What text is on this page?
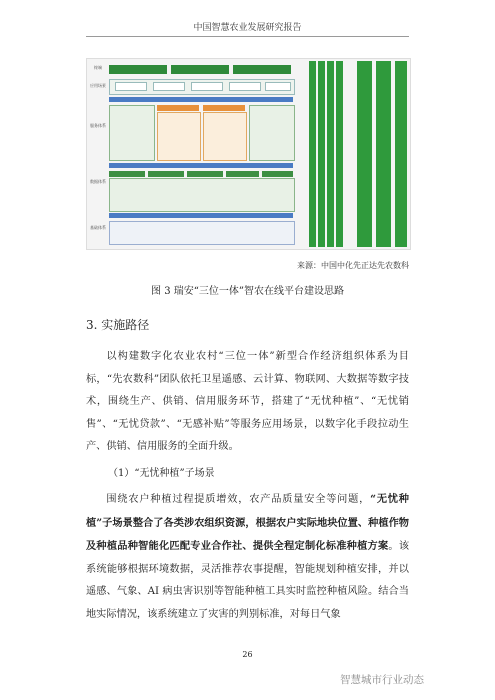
中国智慧农业发展研究报告
终端
应用场景
服务体系
数据体系
基础体系
来源：中国中化先正达先农数科
图 3 瑞安“三位一体”智农在线平台建设思路
3. 实施路径
以构建数字化农业农村“三位一体”新型合作经济组织体系为目标，“先农数科”团队依托卫星遥感、云计算、物联网、大数据等数字技术，围绕生产、供销、信用服务环节，搭建了“无忧种植”、“无忧销售”、“无忧贷款”、“无感补贴”等服务应用场景，以数字化手段拉动生产、供销、信用服务的全面升级。
（1）“无忧种植”子场景
围绕农户种植过程提质增效，农产品质量安全等问题，“无忧种植”子场景整合了各类涉农组织资源，根据农户实际地块位置、种植作物及种植品种智能化匹配专业合作社、提供全程定制化标准种植方案。该系统能够根据环境数据，灵活推荐农事提醒，智能规划种植安排，并以遥感、气象、AI 病虫害识别等智能种植工具实时监控种植风险。结合当地实际情况，该系统建立了灾害的判别标准，对每日气象
26
智慧城市行业动态
